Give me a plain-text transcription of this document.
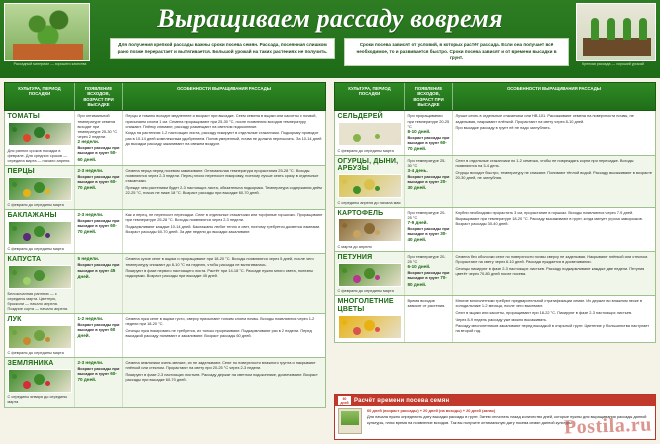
Рассадный материал — хорошего качества	Крепкая рассада — хороший урожай
Выращиваем рассаду вовремя
Для получения крепкой рассады важны сроки посева семян. Рассада, посеянная слишком рано позже перерастает и вытягивается. Большой урожай на таких растениях не получить.
Сроки посева зависят от условий, в которых растёт рассада. Если она получает всё необходимое, то и развивается быстро. Сроки посева зависят и от времени высадки в грунт.
КУЛЬТУРА, ПЕРИОД ПОСАДКИ
ПОЯВЛЕНИЕ ВСХОДОВ, ВОЗРАСТ ПРИ ВЫСАДКЕ
ОСОБЕННОСТИ ВЫРАЩИВАНИЯ РАССАДЫ
ТОМАТЫ
Для ранних сроков посадки в феврале. Для средних сроков — середина марта — начало апреля.
При оптимальной температуре семена всходят при температуре 25-30 °C через 2 недели.
2 недели.
Возраст рассады при высадке в грунт 50-60 дней.

Перцы и томаты всходят медленнее и возраст при высадке. Сеем семена в ящики или кассеты с почвой, присыпаем слоем 1 см. Семена проращивают при 25-30 °C, после появления всходов температуру снижают. Плёнку снимают, рассаду размещают на светлом подоконнике.

Когда на растениях 1-2 настоящих листа, рассаду пикируют в отдельные стаканчики. Подкормку проводят раз в 10-14 дней комплексным удобрением. Полив умеренный, почва не должна пересыхать. За 10-14 дней до высадки рассаду закаливают на свежем воздухе.

ПЕРЦЫ
С февраля до середины марта
2-3 недели.
Возраст рассады при высадке в грунт 60-70 дней.

Семена перца перед посевом замачивают. Оптимальная температура прорастания 25-28 °C. Всходы появляются через 2-3 недели. Перец плохо переносит пикировку, поэтому лучше сеять сразу в отдельные стаканчики.

Прежде чем растениям будет 2-3 настоящих листа, обязательна подкормка. Температура содержания днём 22-25 °C, ночью не ниже 18 °C. Возраст рассады при высадке 60-70 дней.

БАКЛАЖАНЫ
С февраля до середины марта
2-3 недели.
Возраст рассады при высадке в грунт 60-70 дней.

Как и перец, не переносит пересадки. Сеют в отдельные стаканчики или торфяные горшочки. Проращивают при температуре 25-28 °C. Всходы появляются через 2-3 недели.

Подкармливают каждые 10-14 дней. Баклажаны любят тепло и свет, поэтому требуется досветка лампами. Возраст рассады 60-70 дней. За две недели до высадки закаливают.

КАПУСТА
Белокочанная раннюю — с середины марта. Цветную, брокколи — начало апреля. Поздние сорта — начало апреля.
5 недели.
Возраст рассады при высадке в грунт 45 дней.

Семена сухие сеют в ящики и проращивают при 18-20 °C. Всходы появляются через 5 дней, после чего температуру снижают до 8-10 °C на неделю, чтобы рассада не вытягивалась.

Пикируют в фазе первого настоящего листа. Растёт при 14-18 °C. Рассаде нужно много света, полезны подкормки. Возраст рассады при высадке 45 дней.

ЛУК
С февраля до середины марта
1-2 недели.
Возраст рассады при высадке в грунт 60 дней.

Семена лука сеют в ящики густо, сверху присыпают тонким слоем почвы. Всходы появляются через 1-2 недели при 18-20 °C.

Сеянцы лука пикировать не требуется, их только прореживают. Подкармливают раз в 2 недели. Перед высадкой рассаду поливают и закаливают. Возраст рассады 60 дней.

ЗЕМЛЯНИКА
С середины января до середины марта
2-3 недели.
Возраст рассады при высадке в грунт 60-70 дней.

Семена земляники очень мелкие, их не заделывают. Сеют по поверхности влажного грунта и накрывают плёнкой или стеклом. Прорастают на свету при 20-25 °C через 2-3 недели.

Пикируют в фазе 2-3 настоящих листьев. Рассаду держат на светлом подоконнике, досвечивают. Возраст рассады при высадке 60-70 дней.

КУЛЬТУРА, ПЕРИОД ПОСАДКИ
ПОЯВЛЕНИЕ ВСХОДОВ, ВОЗРАСТ ПРИ ВЫСАДКЕ
ОСОБЕННОСТИ ВЫРАЩИВАНИЯ РАССАДЫ
СЕЛЬДЕРЕЙ
С февраля до середины марта
При проращивании при температуре 20-25 °C
8-10 дней.
Возраст рассады при высадке в грунт 60-70 дней.

Лучше сеять в отдельные стаканчики или НВ-101. Рассаживают семена на поверхности почвы, не заделывая, накрывают плёнкой. Прорастают на свету через 8-10 дней.

При высадке рассаду в грунт её не надо заглублять.

ОГУРЦЫ, ДЫНИ, АРБУЗЫ
С середины апреля до начала мая
При температуре 25-30 °C
3-4 день.
Возраст рассады при высадке в грунт 20-30 дней.

Сеют в отдельные стаканчики по 1-2 семечка, чтобы не повреждать корни при пересадке. Всходы появляются на 3-4 день.

Огурцы всходят быстро, температуру не снижают. Поливают тёплой водой. Рассаду высаживают в возрасте 20-30 дней, не заглубляя.

КАРТОФЕЛЬ
С марта до апреля
При температуре 20-25 °C
7-9 дней.
Возраст рассады при высадке в грунт 30-40 дней.

Клубни необходимо прорастить 3 см, прорастание в горшках. Всходы появляются через 7-9 дней.

Выращивают при температуре 18-20 °C. Рассаду высаживают в грунт, когда минует угроза заморозков. Возраст рассады 30-40 дней.

ПЕТУНИЯ
С февраля до середины марта
При температуре 20-25 °C
6-10 дней.
Возраст рассады при высадке в грунт 70-80 дней.

Семена без оболочки сеют по поверхности почвы сверху не заделывая. Накрывают плёнкой или стеклом. Прорастают на свету через 6-10 дней. Рассада нуждается в досвечивании.

Сеянцы пикируют в фазе 2-3 настоящих листьев. Рассаду подкармливают каждые две недели. Петуния цветёт через 70-80 дней после посева.

МНОГОЛЕТНИЕ ЦВЕТЫ
Время всходов зависит от растения.

Многие многолетники требуют предварительной стратификации семян. Их держат во влажном песке в холодильнике 1-2 месяца, после чего высевают.

Сеют в ящики или кассеты, проращивают при 18-22 °C. Пикируют в фазе 2-3 настоящих листьев.

Через 8-9 недель рассаду уже можно высаживать.

Рассаду многолетников закаливают перед высадкой в открытый грунт. Цветение у большинства наступает на второй год.

60
дней Расчёт времени посева семян
60 дней (возраст рассады) + 20 дней (на всходы) + 20 дней (запас)
Для начала нужно определить дату высадки рассады в грунт. Затем отсчитать назад количество дней, которые нужны для выращивания рассады данной культуры, плюс время на появление всходов. Так вы получите оптимальную дату посева семян данной культуры.
Postila.ru
